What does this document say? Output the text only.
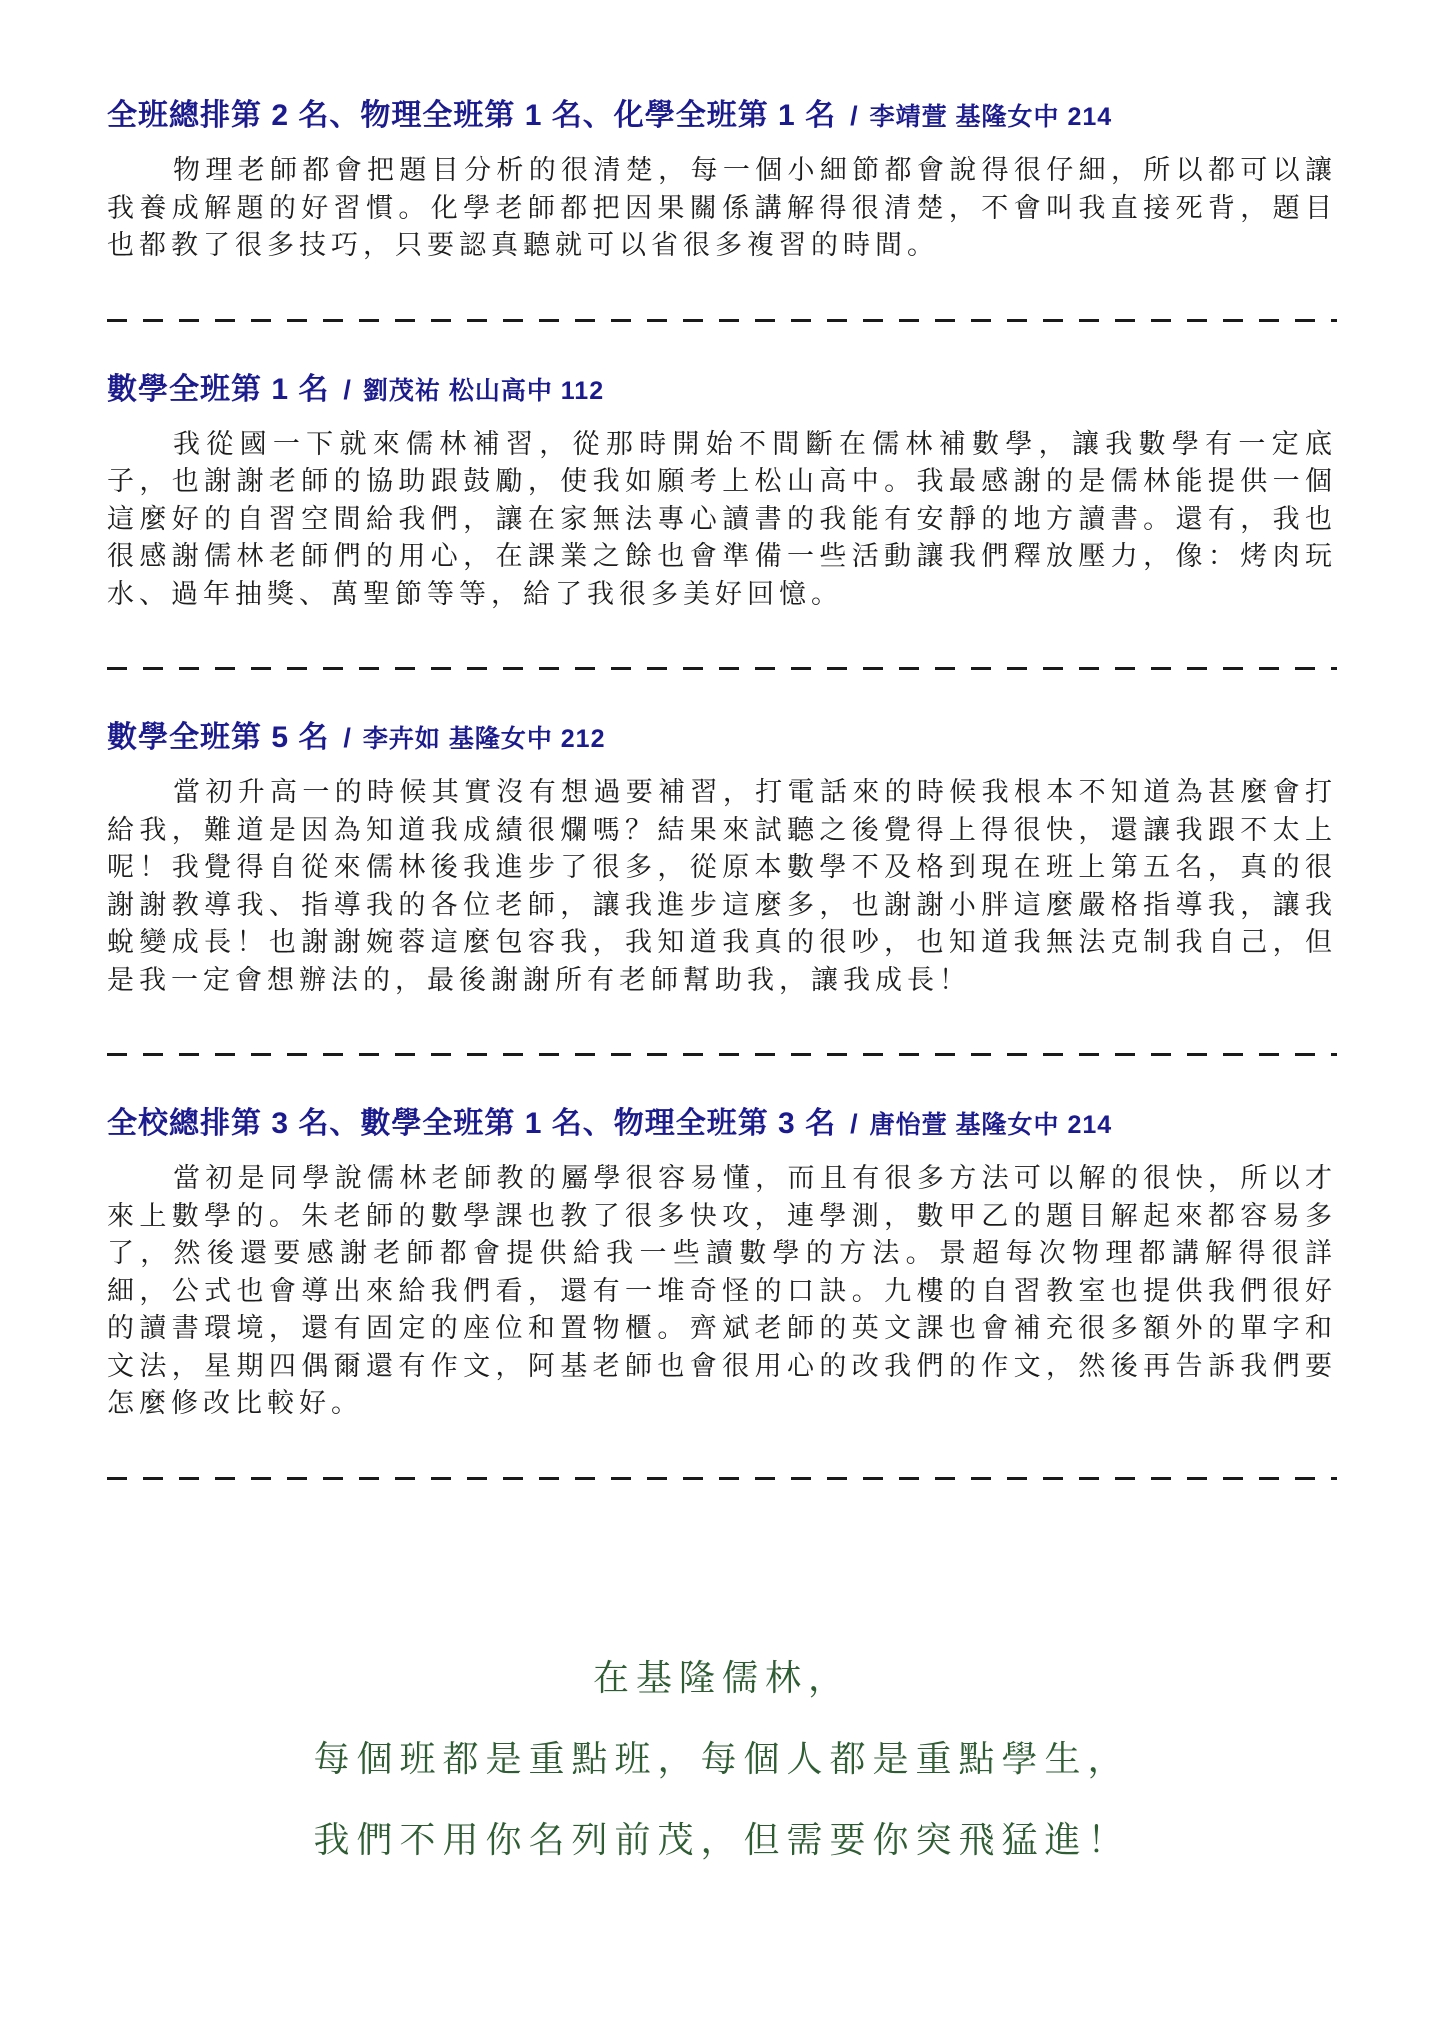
全班總排第 2 名、物理全班第 1 名、化學全班第 1 名 / 李靖萱 基隆女中 214

物理老師都會把題目分析的很清楚，每一個小細節都會說得很仔細，所以都可以讓我養成解題的好習慣。化學老師都把因果關係講解得很清楚，不會叫我直接死背，題目也都教了很多技巧，只要認真聽就可以省很多複習的時間。

數學全班第 1 名 / 劉茂祐 松山高中 112

我從國一下就來儒林補習，從那時開始不間斷在儒林補數學，讓我數學有一定底子，也謝謝老師的協助跟鼓勵，使我如願考上松山高中。我最感謝的是儒林能提供一個這麼好的自習空間給我們，讓在家無法專心讀書的我能有安靜的地方讀書。還有，我也很感謝儒林老師們的用心，在課業之餘也會準備一些活動讓我們釋放壓力，像：烤肉玩水、過年抽獎、萬聖節等等，給了我很多美好回憶。

數學全班第 5 名 / 李卉如 基隆女中 212

當初升高一的時候其實沒有想過要補習，打電話來的時候我根本不知道為甚麼會打給我，難道是因為知道我成績很爛嗎？結果來試聽之後覺得上得很快，還讓我跟不太上呢！我覺得自從來儒林後我進步了很多，從原本數學不及格到現在班上第五名，真的很謝謝教導我、指導我的各位老師，讓我進步這麼多，也謝謝小胖這麼嚴格指導我，讓我蛻變成長！也謝謝婉蓉這麼包容我，我知道我真的很吵，也知道我無法克制我自己，但是我一定會想辦法的，最後謝謝所有老師幫助我，讓我成長！

全校總排第 3 名、數學全班第 1 名、物理全班第 3 名 / 唐怡萱 基隆女中 214

當初是同學說儒林老師教的屬學很容易懂，而且有很多方法可以解的很快，所以才來上數學的。朱老師的數學課也教了很多快攻，連學測，數甲乙的題目解起來都容易多了，然後還要感謝老師都會提供給我一些讀數學的方法。景超每次物理都講解得很詳細，公式也會導出來給我們看，還有一堆奇怪的口訣。九樓的自習教室也提供我們很好的讀書環境，還有固定的座位和置物櫃。齊斌老師的英文課也會補充很多額外的單字和文法，星期四偶爾還有作文，阿基老師也會很用心的改我們的作文，然後再告訴我們要怎麼修改比較好。

在基隆儒林，
每個班都是重點班，每個人都是重點學生，
我們不用你名列前茂，但需要你突飛猛進！
